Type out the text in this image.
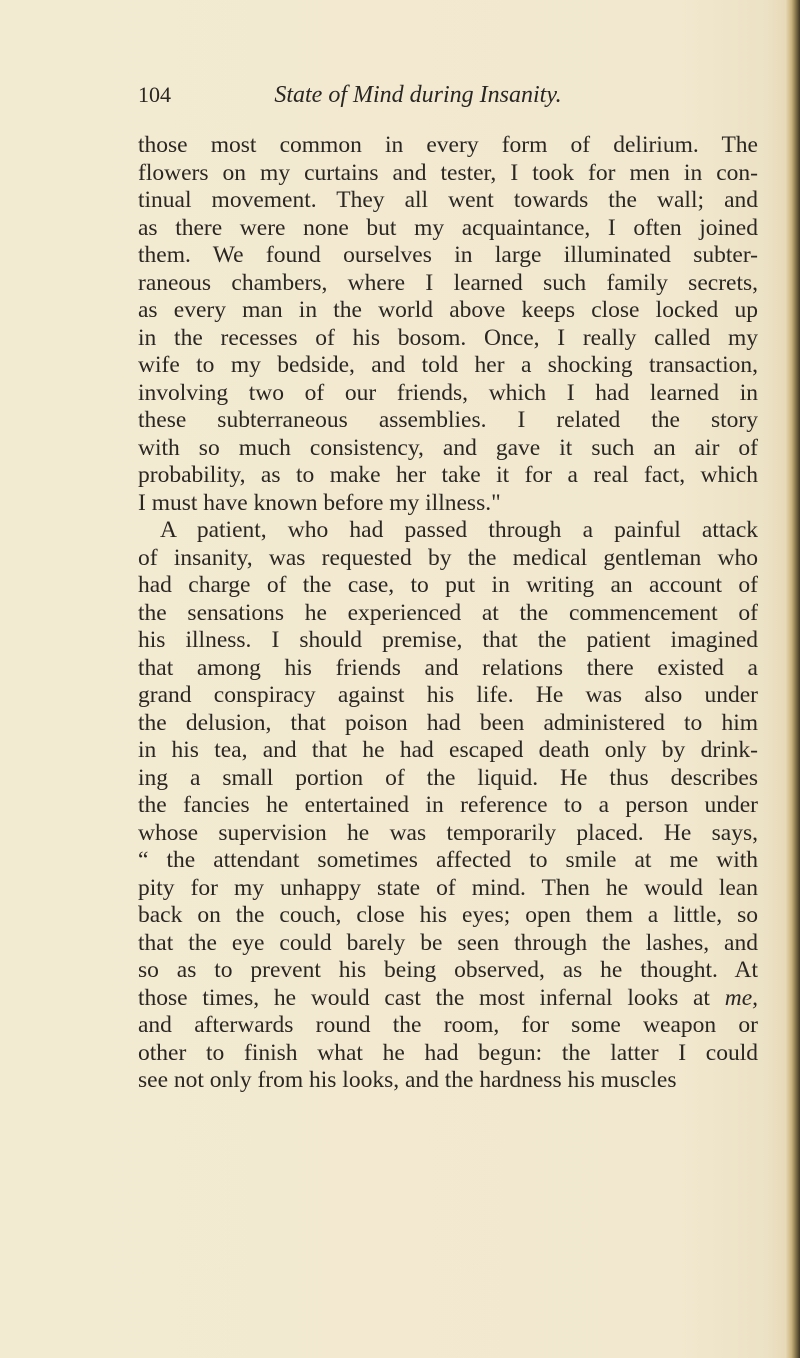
104	State of Mind during Insanity.
those most common in every form of delirium. The
flowers on my curtains and tester, I took for men in con-
tinual movement. They all went towards the wall; and
as there were none but my acquaintance, I often joined
them. We found ourselves in large illuminated subter-
raneous chambers, where I learned such family secrets,
as every man in the world above keeps close locked up
in the recesses of his bosom. Once, I really called my
wife to my bedside, and told her a shocking transaction,
involving two of our friends, which I had learned in
these subterraneous assemblies. I related the story
with so much consistency, and gave it such an air of
probability, as to make her take it for a real fact, which
I must have known before my illness."
A patient, who had passed through a painful attack
of insanity, was requested by the medical gentleman who
had charge of the case, to put in writing an account of
the sensations he experienced at the commencement of
his illness. I should premise, that the patient imagined
that among his friends and relations there existed a
grand conspiracy against his life. He was also under
the delusion, that poison had been administered to him
in his tea, and that he had escaped death only by drink-
ing a small portion of the liquid. He thus describes
the fancies he entertained in reference to a person under
whose supervision he was temporarily placed. He says,
“ the attendant sometimes affected to smile at me with
pity for my unhappy state of mind. Then he would lean
back on the couch, close his eyes; open them a little, so
that the eye could barely be seen through the lashes, and
so as to prevent his being observed, as he thought. At
those times, he would cast the most infernal looks at me,
and afterwards round the room, for some weapon or
other to finish what he had begun: the latter I could
see not only from his looks, and the hardness his muscles
